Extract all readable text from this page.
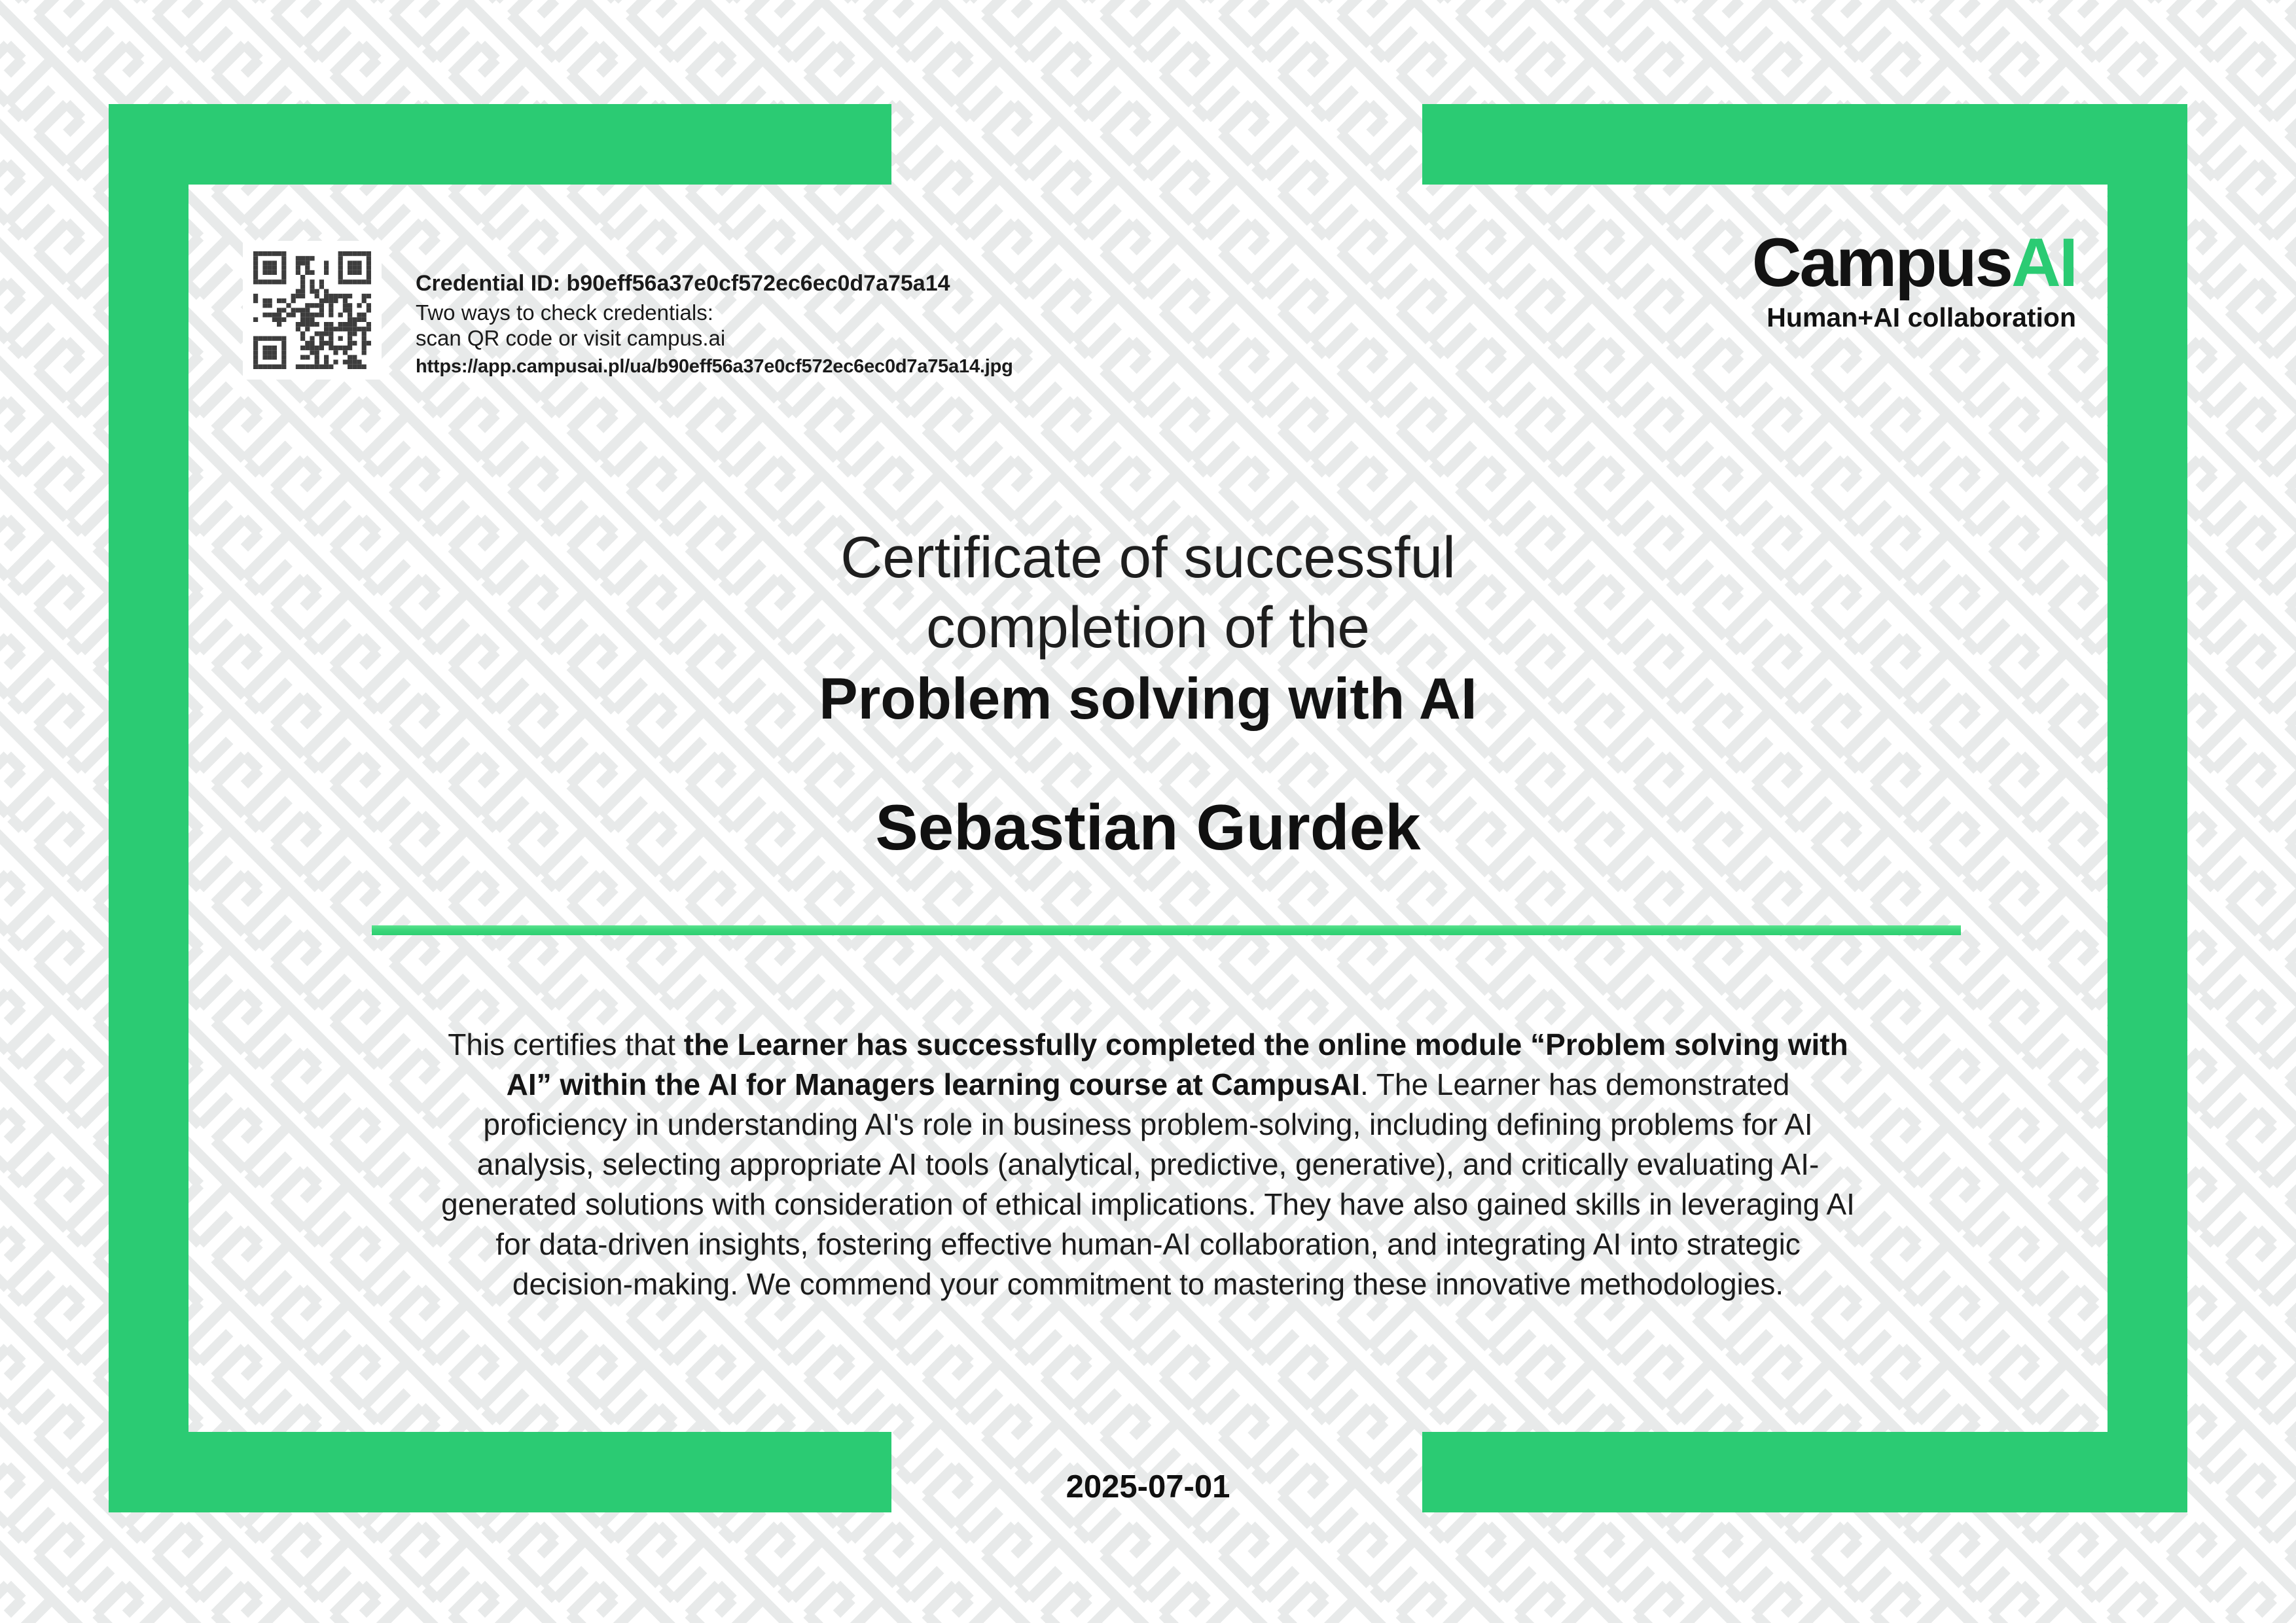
Credential ID: b90eff56a37e0cf572ec6ec0d7a75a14
Two ways to check credentials:
scan QR code or visit campus.ai
https://app.campusai.pl/ua/b90eff56a37e0cf572ec6ec0d7a75a14.jpg
CampusAI
Human+AI collaboration
Certificate of successful
completion of the
Problem solving with AI
Sebastian Gurdek

This certifies that the Learner has successfully completed the online module “Problem solving with AI” within the AI for Managers learning course at CampusAI. The Learner has demonstrated proficiency in understanding AI's role in business problem-solving, including defining problems for AI analysis, selecting appropriate AI tools (analytical, predictive, generative), and critically evaluating AI-generated solutions with consideration of ethical implications. They have also gained skills in leveraging AI for data-driven insights, fostering effective human-AI collaboration, and integrating AI into strategic decision-making. We commend your commitment to mastering these innovative methodologies.

2025-07-01
